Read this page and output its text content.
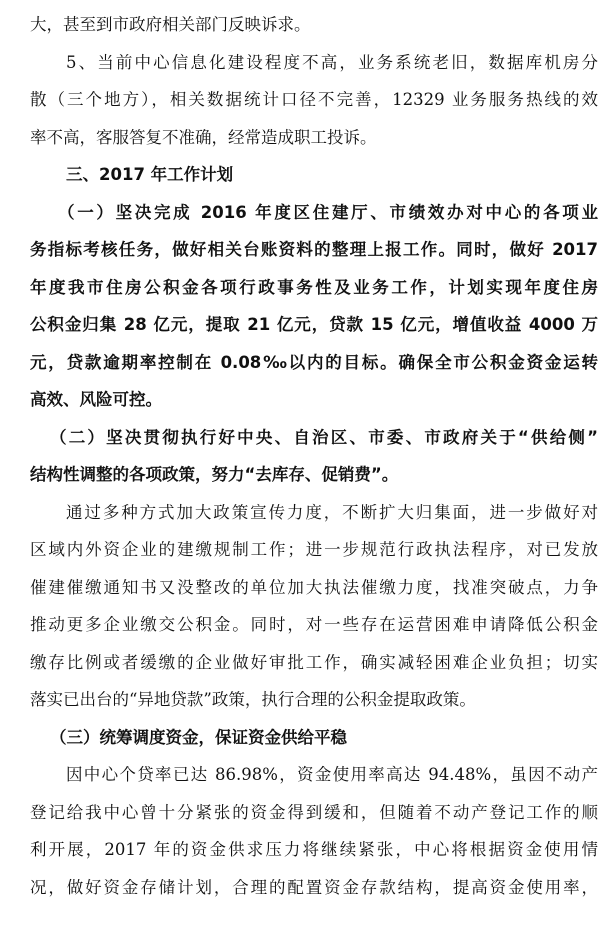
大，甚至到市政府相关部门反映诉求。
5、当前中心信息化建设程度不高，业务系统老旧，数据库机房分
散（三个地方），相关数据统计口径不完善，12329 业务服务热线的效
率不高，客服答复不准确，经常造成职工投诉。
三、2017 年工作计划
（一）坚决完成 2016 年度区住建厅、市绩效办对中心的各项业
务指标考核任务，做好相关台账资料的整理上报工作。同时，做好 2017
年度我市住房公积金各项行政事务性及业务工作，计划实现年度住房
公积金归集 28 亿元，提取 21 亿元，贷款 15 亿元，增值收益 4000 万
元，贷款逾期率控制在 0.08‰以内的目标。确保全市公积金资金运转
高效、风险可控。
（二）坚决贯彻执行好中央、自治区、市委、市政府关于“供给侧”
结构性调整的各项政策，努力“去库存、促销费”。
通过多种方式加大政策宣传力度，不断扩大归集面，进一步做好对
区域内外资企业的建缴规制工作；进一步规范行政执法程序，对已发放
催建催缴通知书又没整改的单位加大执法催缴力度，找准突破点，力争
推动更多企业缴交公积金。同时，对一些存在运营困难申请降低公积金
缴存比例或者缓缴的企业做好审批工作，确实减轻困难企业负担；切实
落实已出台的“异地贷款”政策，执行合理的公积金提取政策。
（三）统筹调度资金，保证资金供给平稳
因中心个贷率已达 86.98%，资金使用率高达 94.48%，虽因不动产
登记给我中心曾十分紧张的资金得到缓和，但随着不动产登记工作的顺
利开展，2017 年的资金供求压力将继续紧张，中心将根据资金使用情
况，做好资金存储计划，合理的配置资金存款结构，提高资金使用率，
